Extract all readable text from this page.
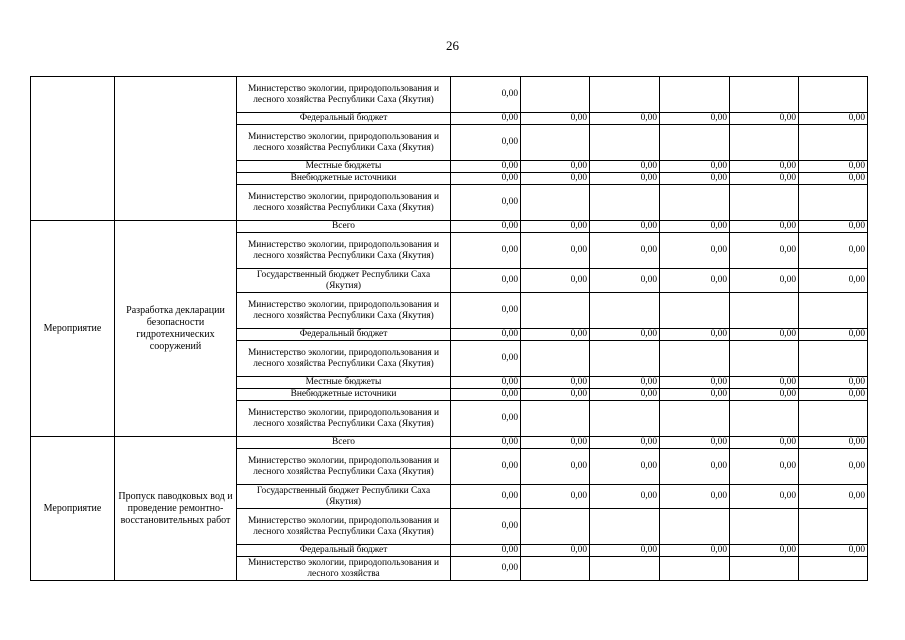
26
		Министерство экологии, природопользования и лесного хозяйства Республики Саха (Якутия)	0,00					
		Федеральный бюджет	0,00	0,00	0,00	0,00	0,00	0,00
		Министерство экологии, природопользования и лесного хозяйства Республики Саха (Якутия)	0,00					
		Местные бюджеты	0,00	0,00	0,00	0,00	0,00	0,00
		Внебюджетные источники	0,00	0,00	0,00	0,00	0,00	0,00
		Министерство экологии, природопользования и лесного хозяйства Республики Саха (Якутия)	0,00					
Мероприятие	Разработка декларации безопасности гидротехнических сооружений	Всего	0,00	0,00	0,00	0,00	0,00	0,00
		Министерство экологии, природопользования и лесного хозяйства Республики Саха (Якутия)	0,00	0,00	0,00	0,00	0,00	0,00
		Государственный бюджет Республики Саха (Якутия)	0,00	0,00	0,00	0,00	0,00	0,00
		Министерство экологии, природопользования и лесного хозяйства Республики Саха (Якутия)	0,00					
		Федеральный бюджет	0,00	0,00	0,00	0,00	0,00	0,00
		Министерство экологии, природопользования и лесного хозяйства Республики Саха (Якутия)	0,00					
		Местные бюджеты	0,00	0,00	0,00	0,00	0,00	0,00
		Внебюджетные источники	0,00	0,00	0,00	0,00	0,00	0,00
		Министерство экологии, природопользования и лесного хозяйства Республики Саха (Якутия)	0,00					
Мероприятие	Пропуск паводковых вод и проведение ремонтно-восстановительных работ	Всего	0,00	0,00	0,00	0,00	0,00	0,00
		Министерство экологии, природопользования и лесного хозяйства Республики Саха (Якутия)	0,00	0,00	0,00	0,00	0,00	0,00
		Государственный бюджет Республики Саха (Якутия)	0,00	0,00	0,00	0,00	0,00	0,00
		Министерство экологии, природопользования и лесного хозяйства Республики Саха (Якутия)	0,00					
		Федеральный бюджет	0,00	0,00	0,00	0,00	0,00	0,00
		Министерство экологии, природопользования и лесного хозяйства	0,00					
